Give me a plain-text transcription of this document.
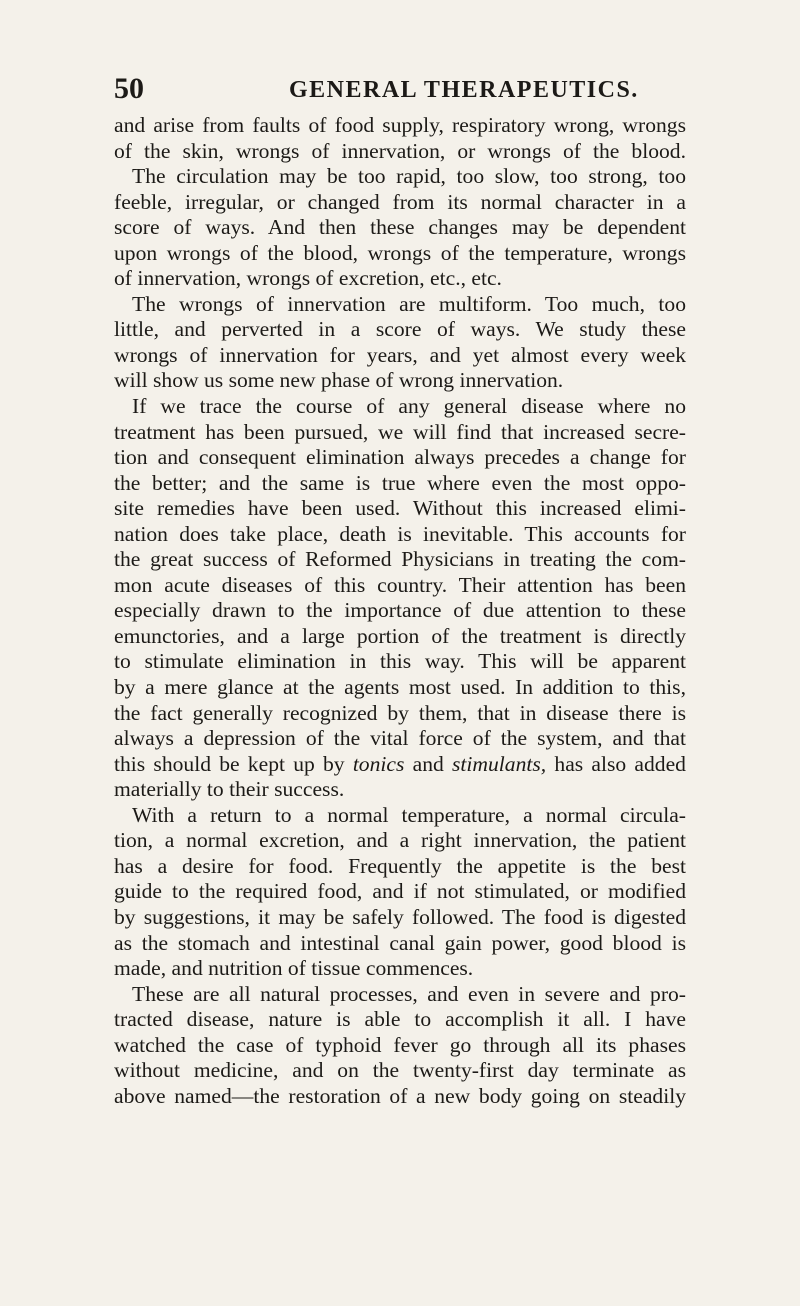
50	GENERAL THERAPEUTICS.
and arise from faults of food supply, respiratory wrong, wrongs
of the skin, wrongs of innervation, or wrongs of the blood.
The circulation may be too rapid, too slow, too strong, too
feeble, irregular, or changed from its normal character in a
score of ways. And then these changes may be dependent
upon wrongs of the blood, wrongs of the temperature, wrongs
of innervation, wrongs of excretion, etc., etc.
The wrongs of innervation are multiform. Too much, too
little, and perverted in a score of ways. We study these
wrongs of innervation for years, and yet almost every week
will show us some new phase of wrong innervation.
If we trace the course of any general disease where no
treatment has been pursued, we will find that increased secre-
tion and consequent elimination always precedes a change for
the better; and the same is true where even the most oppo-
site remedies have been used. Without this increased elimi-
nation does take place, death is inevitable. This accounts for
the great success of Reformed Physicians in treating the com-
mon acute diseases of this country. Their attention has been
especially drawn to the importance of due attention to these
emunctories, and a large portion of the treatment is directly
to stimulate elimination in this way. This will be apparent
by a mere glance at the agents most used. In addition to this,
the fact generally recognized by them, that in disease there is
always a depression of the vital force of the system, and that
this should be kept up by tonics and stimulants, has also added
materially to their success.
With a return to a normal temperature, a normal circula-
tion, a normal excretion, and a right innervation, the patient
has a desire for food. Frequently the appetite is the best
guide to the required food, and if not stimulated, or modified
by suggestions, it may be safely followed. The food is digested
as the stomach and intestinal canal gain power, good blood is
made, and nutrition of tissue commences.
These are all natural processes, and even in severe and pro-
tracted disease, nature is able to accomplish it all. I have
watched the case of typhoid fever go through all its phases
without medicine, and on the twenty-first day terminate as
above named—the restoration of a new body going on steadily
